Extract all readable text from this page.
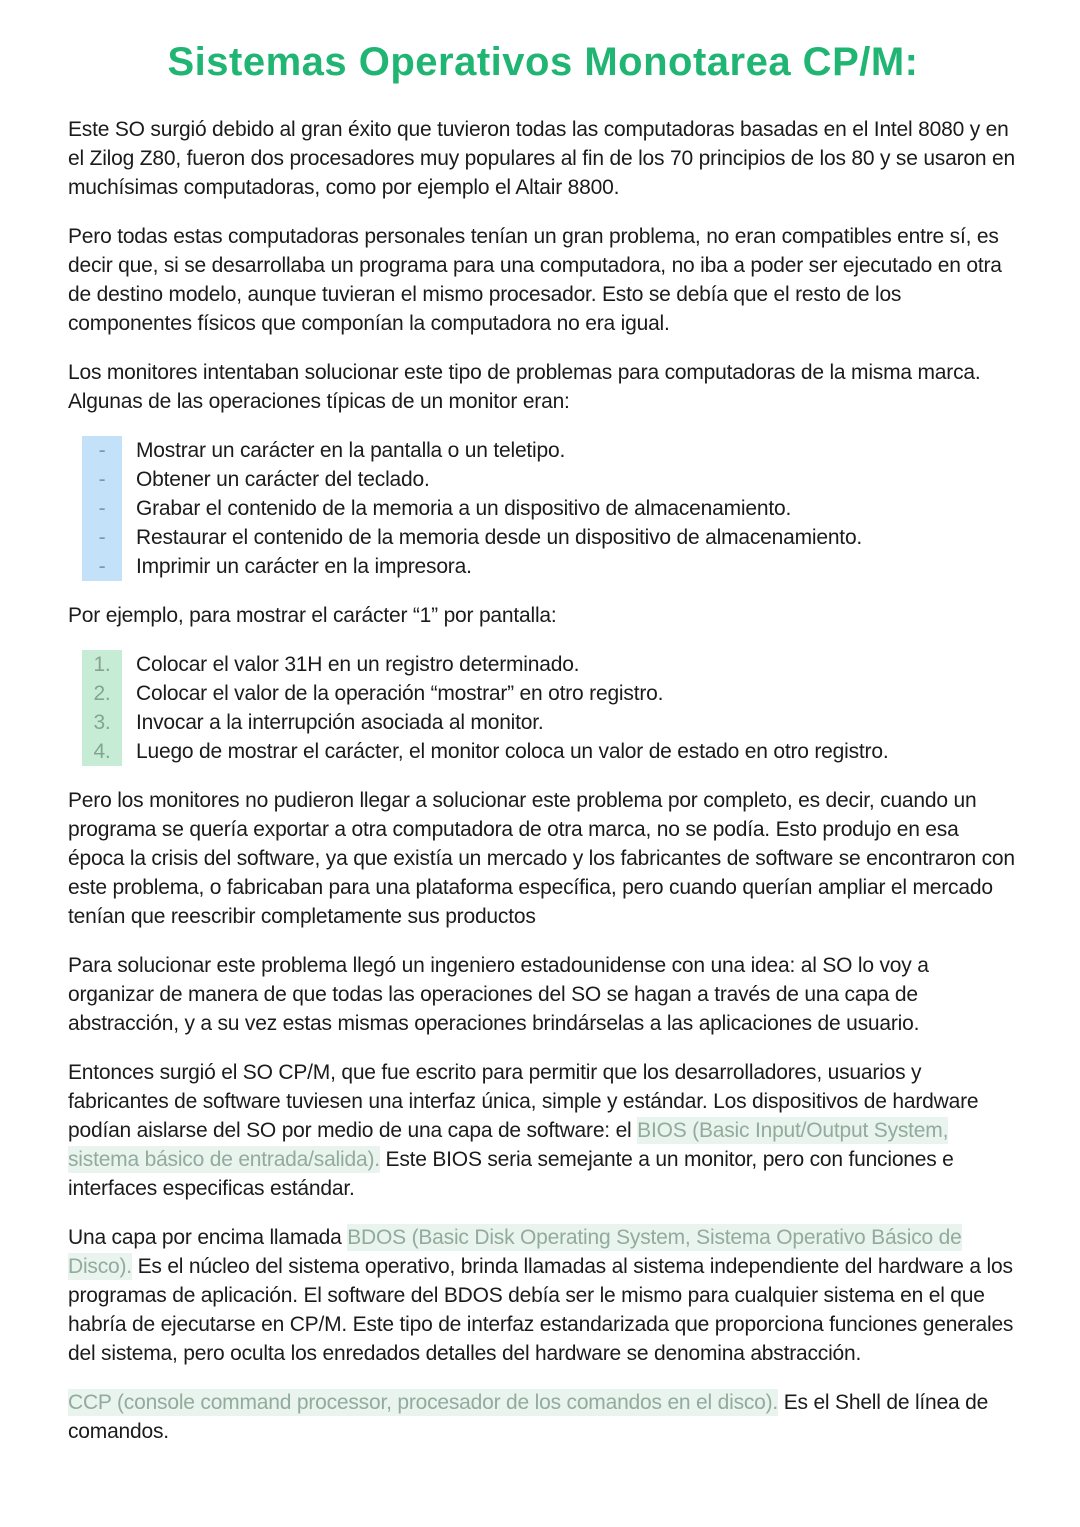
Sistemas Operativos Monotarea CP/M:

Este SO surgió debido al gran éxito que tuvieron todas las computadoras basadas en el Intel 8080 y en el Zilog Z80, fueron dos procesadores muy populares al fin de los 70 principios de los 80 y se usaron en muchísimas computadoras, como por ejemplo el Altair 8800.

Pero todas estas computadoras personales tenían un gran problema, no eran compatibles entre sí, es decir que, si se desarrollaba un programa para una computadora, no iba a poder ser ejecutado en otra de destino modelo, aunque tuvieran el mismo procesador. Esto se debía que el resto de los componentes físicos que componían la computadora no era igual.

Los monitores intentaban solucionar este tipo de problemas para computadoras de la misma marca. Algunas de las operaciones típicas de un monitor eran:

-	Mostrar un carácter en la pantalla o un teletipo.
-	Obtener un carácter del teclado.
-	Grabar el contenido de la memoria a un dispositivo de almacenamiento.
-	Restaurar el contenido de la memoria desde un dispositivo de almacenamiento.
-	Imprimir un carácter en la impresora.

Por ejemplo, para mostrar el carácter “1” por pantalla:

1.	Colocar el valor 31H en un registro determinado.
2.	Colocar el valor de la operación “mostrar” en otro registro.
3.	Invocar a la interrupción asociada al monitor.
4.	Luego de mostrar el carácter, el monitor coloca un valor de estado en otro registro.

Pero los monitores no pudieron llegar a solucionar este problema por completo, es decir, cuando un programa se quería exportar a otra computadora de otra marca, no se podía. Esto produjo en esa época la crisis del software, ya que existía un mercado y los fabricantes de software se encontraron con este problema, o fabricaban para una plataforma específica, pero cuando querían ampliar el mercado tenían que reescribir completamente sus productos

Para solucionar este problema llegó un ingeniero estadounidense con una idea: al SO lo voy a organizar de manera de que todas las operaciones del SO se hagan a través de una capa de abstracción, y a su vez estas mismas operaciones brindárselas a las aplicaciones de usuario.

Entonces surgió el SO CP/M, que fue escrito para permitir que los desarrolladores, usuarios y fabricantes de software tuviesen una interfaz única, simple y estándar. Los dispositivos de hardware podían aislarse del SO por medio de una capa de software: el BIOS (Basic Input/Output System, sistema básico de entrada/salida). Este BIOS seria semejante a un monitor, pero con funciones e interfaces especificas estándar.

Una capa por encima llamada BDOS (Basic Disk Operating System, Sistema Operativo Básico de Disco). Es el núcleo del sistema operativo, brinda llamadas al sistema independiente del hardware a los programas de aplicación. El software del BDOS debía ser le mismo para cualquier sistema en el que habría de ejecutarse en CP/M. Este tipo de interfaz estandarizada que proporciona funciones generales del sistema, pero oculta los enredados detalles del hardware se denomina abstracción.

CCP (console command processor, procesador de los comandos en el disco). Es el Shell de línea de comandos.
